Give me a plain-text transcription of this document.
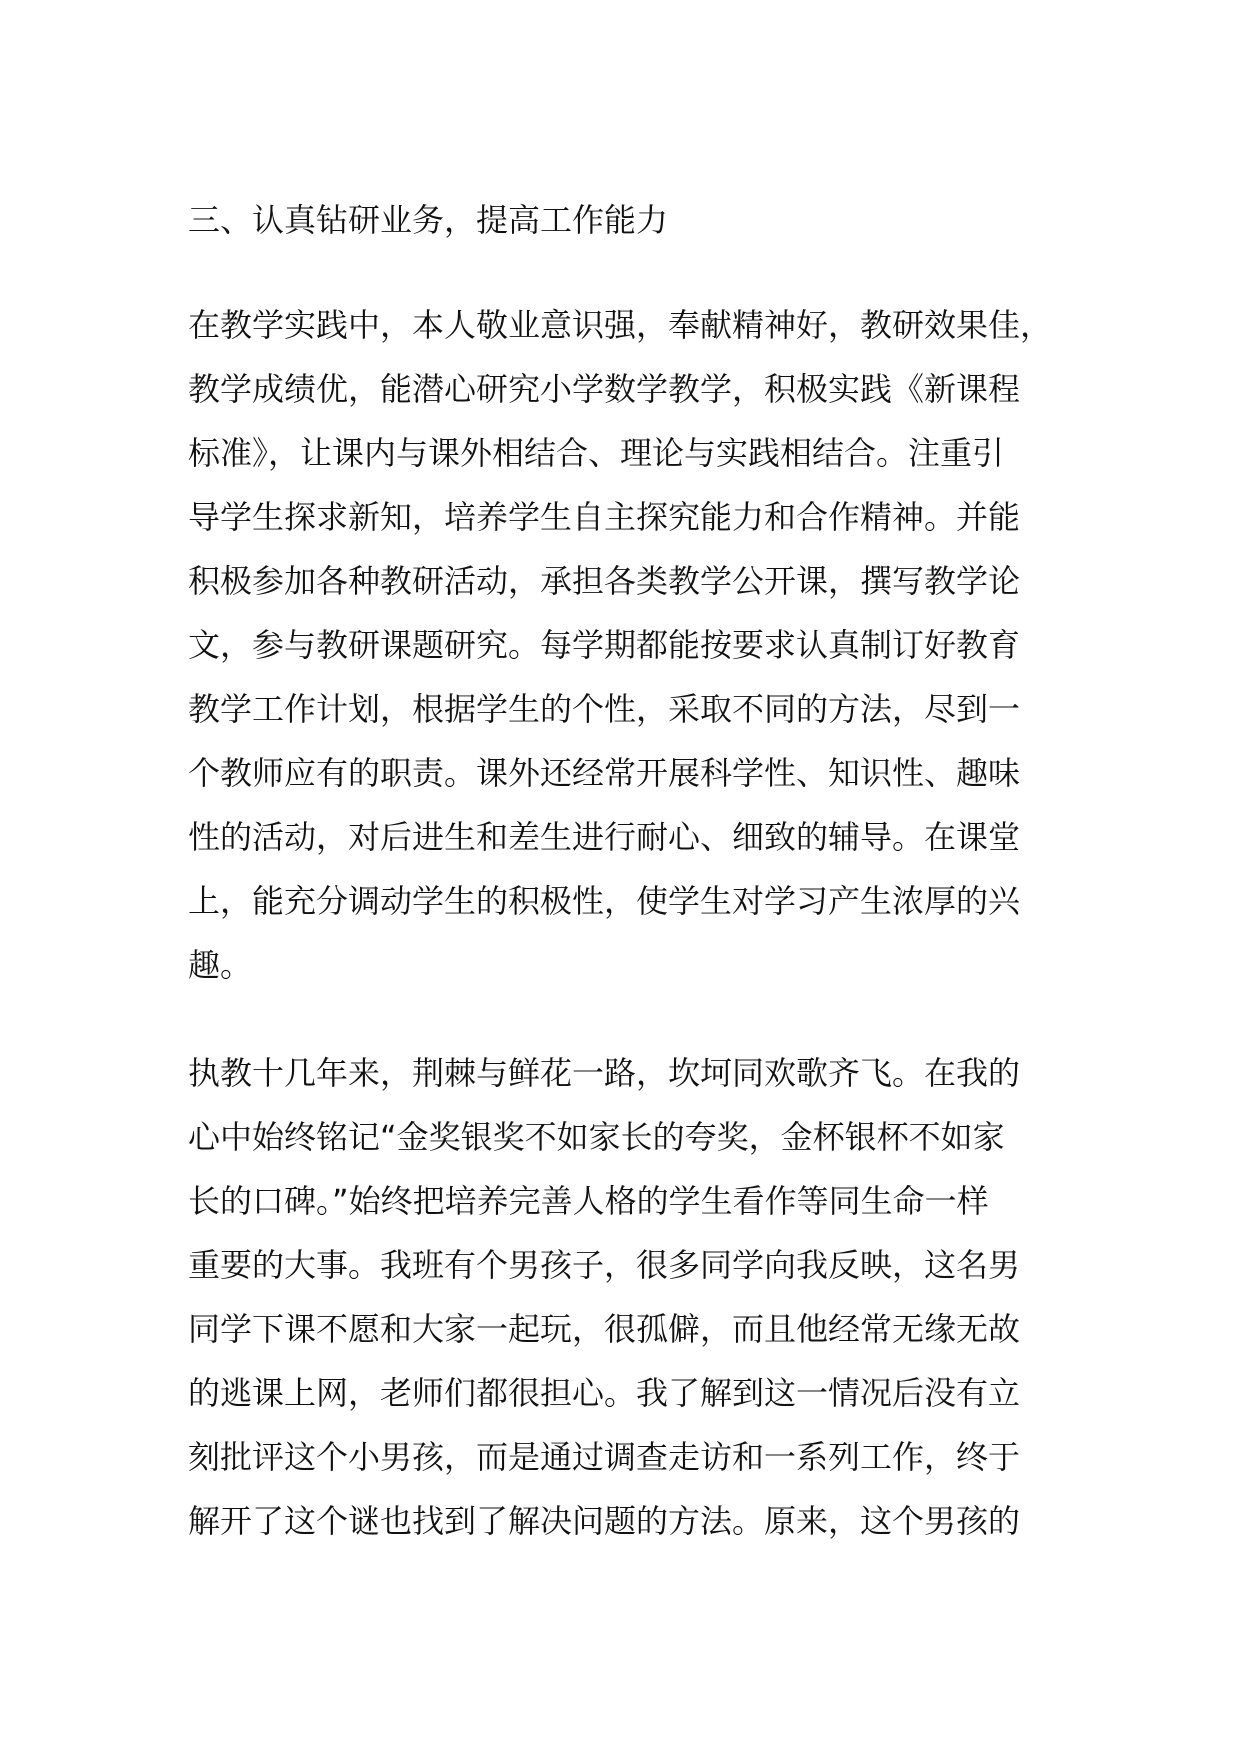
三、认真钻研业务，提高工作能力
在教学实践中，本人敬业意识强，奉献精神好，教研效果佳，
教学成绩优，能潜心研究小学数学教学，积极实践《新课程
标准》，让课内与课外相结合、理论与实践相结合。注重引
导学生探求新知，培养学生自主探究能力和合作精神。并能
积极参加各种教研活动，承担各类教学公开课，撰写教学论
文，参与教研课题研究。每学期都能按要求认真制订好教育
教学工作计划，根据学生的个性，采取不同的方法，尽到一
个教师应有的职责。课外还经常开展科学性、知识性、趣味
性的活动，对后进生和差生进行耐心、细致的辅导。在课堂
上，能充分调动学生的积极性，使学生对学习产生浓厚的兴
趣。
执教十几年来，荆棘与鲜花一路，坎坷同欢歌齐飞。在我的
心中始终铭记“金奖银奖不如家长的夸奖，金杯银杯不如家
长的口碑。”始终把培养完善人格的学生看作等同生命一样
重要的大事。我班有个男孩子，很多同学向我反映，这名男
同学下课不愿和大家一起玩，很孤僻，而且他经常无缘无故
的逃课上网，老师们都很担心。我了解到这一情况后没有立
刻批评这个小男孩，而是通过调查走访和一系列工作，终于
解开了这个谜也找到了解决问题的方法。原来，这个男孩的
